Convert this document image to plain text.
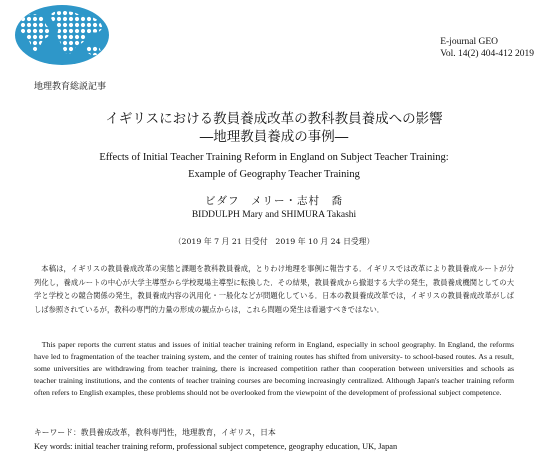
E-journal GEO
Vol. 14(2) 404-412 2019
地理教育総説記事
イギリスにおける教員養成改革の教科教員養成への影響
―地理教員養成の事例―
Effects of Initial Teacher Training Reform in England on Subject Teacher Training:
Example of Geography Teacher Training
ビダフ　メリー・志村　喬
BIDDULPH Mary and SHIMURA Takashi
（2019 年 7 月 21 日受付　2019 年 10 月 24 日受理）
本稿は，イギリスの教員養成改革の実態と課題を教科教員養成，とりわけ地理を事例に報告する．イギリスでは改革により教員養成ルートが分列化し，養成ルートの中心が大学主導型から学校現場主導型に転換した．その結果，教員養成から撤退する大学の発生，教員養成機関としての大学と学校との競合関係の発生，教員養成内容の汎用化・一般化などが問題化している．日本の教員養成改革では，イギリスの教員養成改革がしばしば参照されているが，教科の専門的力量の形成の観点からは，これら問題の発生は看過すべきではない．
This paper reports the current status and issues of initial teacher training reform in England, especially in school geography. In England, the reforms have led to fragmentation of the teacher training system, and the center of training routes has shifted from university- to school-based routes. As a result, some universities are withdrawing from teacher training, there is increased competition rather than cooperation between universities and schools as teacher training institutions, and the contents of teacher training courses are becoming increasingly centralized. Although Japan's teacher training reform often refers to English examples, these problems should not be overlooked from the viewpoint of the development of professional subject competence.
キーワード：教員養成改革，教科専門性，地理教育，イギリス，日本
Key words: initial teacher training reform, professional subject competence, geography education, UK, Japan
